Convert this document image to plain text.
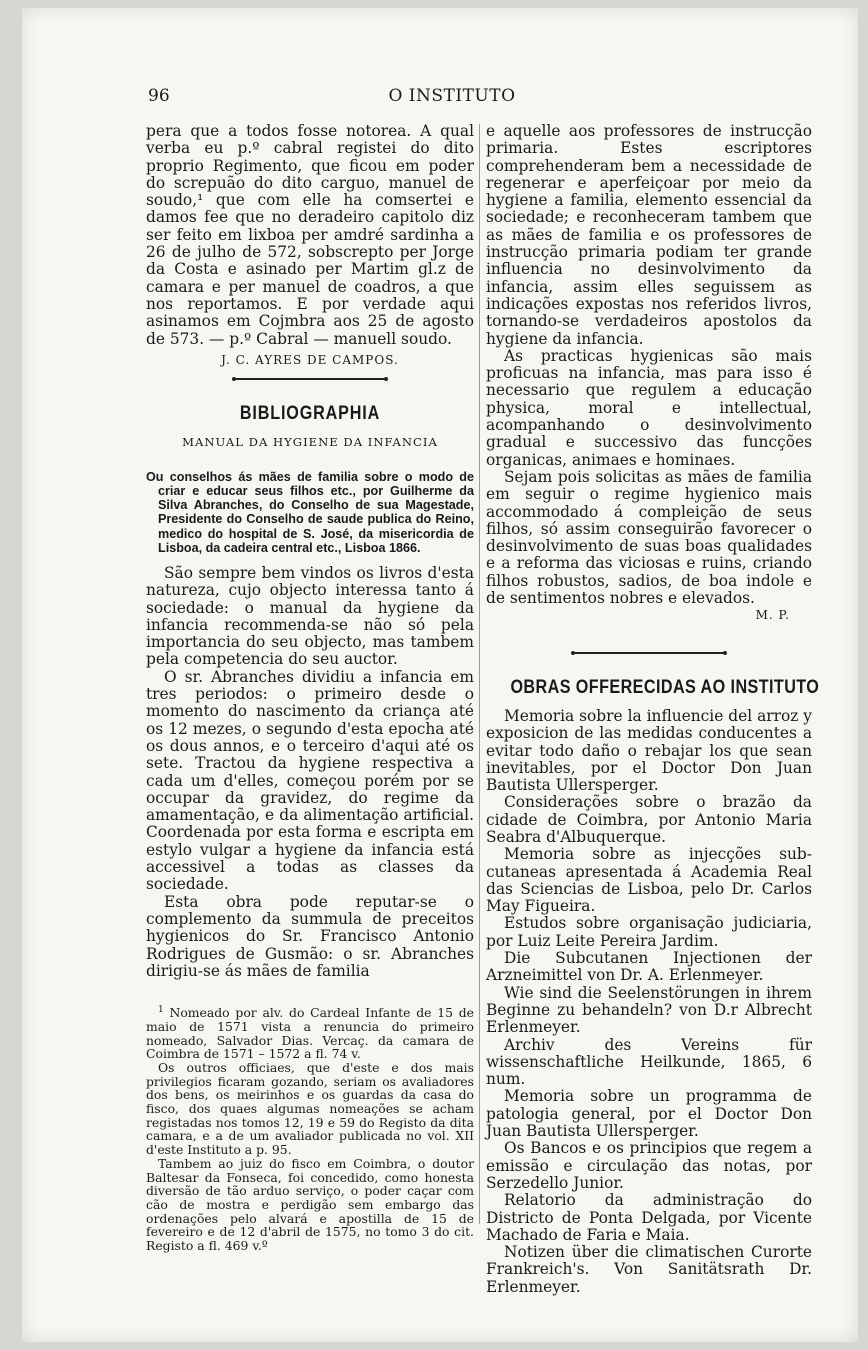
96	O INSTITUTO

pera que a todos fosse notorea. A qual verba eu p.º cabral registei do dito proprio Regimento, que ficou em poder do screpuão do dito carguo, manuel de soudo,¹ que com elle ha comsertei e damos fee que no deradeiro capitolo diz ser feito em lixboa per amdré sardinha a 26 de julho de 572, sobscrepto per Jorge da Costa e asinado per Martim gl.z de camara e per manuel de coadros, a que nos reportamos. E por verdade aqui asinamos em Cojmbra aos 25 de agosto de 573. — p.º Cabral — manuell soudo.

J. C. AYRES DE CAMPOS.

BIBLIOGRAPHIA
MANUAL DA HYGIENE DA INFANCIA

Ou conselhos ás mães de familia sobre o modo de criar e educar seus filhos etc., por Guilherme da Silva Abranches, do Conselho de sua Magestade, Presidente do Conselho de saude publica do Reino, medico do hospital de S. José, da misericordia de Lisboa, da cadeira central etc., Lisboa 1866.

São sempre bem vindos os livros d'esta natureza, cujo objecto interessa tanto á sociedade: o manual da hygiene da infancia recommenda-se não só pela importancia do seu objecto, mas tambem pela competencia do seu auctor.

O sr. Abranches dividiu a infancia em tres periodos: o primeiro desde o momento do nascimento da criança até os 12 mezes, o segundo d'esta epocha até os dous annos, e o terceiro d'aqui até os sete. Tractou da hygiene respectiva a cada um d'elles, começou porém por se occupar da gravidez, do regime da amamentação, e da alimentação artificial. Coordenada por esta forma e escripta em estylo vulgar a hygiene da infancia está accessivel a todas as classes da sociedade.

Esta obra pode reputar-se o complemento da summula de preceitos hygienicos do Sr. Francisco Antonio Rodrigues de Gusmão: o sr. Abranches dirigiu-se ás mães de familia

$^1$ Nomeado por alv. do Cardeal Infante de 15 de maio de 1571 vista a renuncia do primeiro nomeado, Salvador Dias. Vercaç. da camara de Coimbra de 1571 – 1572 a fl. 74 v.

Os outros officiaes, que d'este e dos mais privilegios ficaram gozando, seriam os avaliadores dos bens, os meirinhos e os guardas da casa do fisco, dos quaes algumas nomeações se acham registadas nos tomos 12, 19 e 59 do Registo da dita camara, e a de um avaliador publicada no vol. XII d'este Instituto a p. 95.

Tambem ao juiz do fisco em Coimbra, o doutor Baltesar da Fonseca, foi concedido, como honesta diversão de tão arduo serviço, o poder caçar com cão de mostra e perdigão sem embargo das ordenações pelo alvará e apostilla de 15 de fevereiro e de 12 d'abril de 1575, no tomo 3 do cit. Registo a fl. 469 v.º

e aquelle aos professores de instrucção primaria. Estes escriptores comprehenderam bem a necessidade de regenerar e aperfeiçoar por meio da hygiene a familia, elemento essencial da sociedade; e reconheceram tambem que as mães de familia e os professores de instrucção primaria podiam ter grande influencia no desinvolvimento da infancia, assim elles seguissem as indicações expostas nos referidos livros, tornando-se verdadeiros apostolos da hygiene da infancia.

As practicas hygienicas são mais proficuas na infancia, mas para isso é necessario que regulem a educação physica, moral e intellectual, acompanhando o desinvolvimento gradual e successivo das funcções organicas, animaes e hominaes.

Sejam pois solicitas as mães de familia em seguir o regime hygienico mais accommodado á compleição de seus filhos, só assim conseguirão favorecer o desinvolvimento de suas boas qualidades e a reforma das viciosas e ruins, criando filhos robustos, sadios, de boa indole e de sentimentos nobres e elevados.

M. P.

OBRAS OFFERECIDAS AO INSTITUTO

Memoria sobre la influencie del arroz y exposicion de las medidas conducentes a evitar todo daño o rebajar los que sean inevitables, por el Doctor Don Juan Bautista Ullersperger.

Considerações sobre o brazão da cidade de Coimbra, por Antonio Maria Seabra d'Albuquerque.

Memoria sobre as injecções sub-cutaneas apresentada á Academia Real das Sciencias de Lisboa, pelo Dr. Carlos May Figueira.

Estudos sobre organisação judiciaria, por Luiz Leite Pereira Jardim.

Die Subcutanen Injectionen der Arzneimittel von Dr. A. Erlenmeyer.

Wie sind die Seelenstörungen in ihrem Beginne zu behandeln? von D.r Albrecht Erlenmeyer.

Archiv des Vereins für wissenschaftliche Heilkunde, 1865, 6 num.

Memoria sobre un programma de patologia general, por el Doctor Don Juan Bautista Ullersperger.

Os Bancos e os principios que regem a emissão e circulação das notas, por Serzedello Junior.

Relatorio da administração do Districto de Ponta Delgada, por Vicente Machado de Faria e Maia.

Notizen über die climatischen Curorte Frankreich's. Von Sanitätsrath Dr. Erlenmeyer.
